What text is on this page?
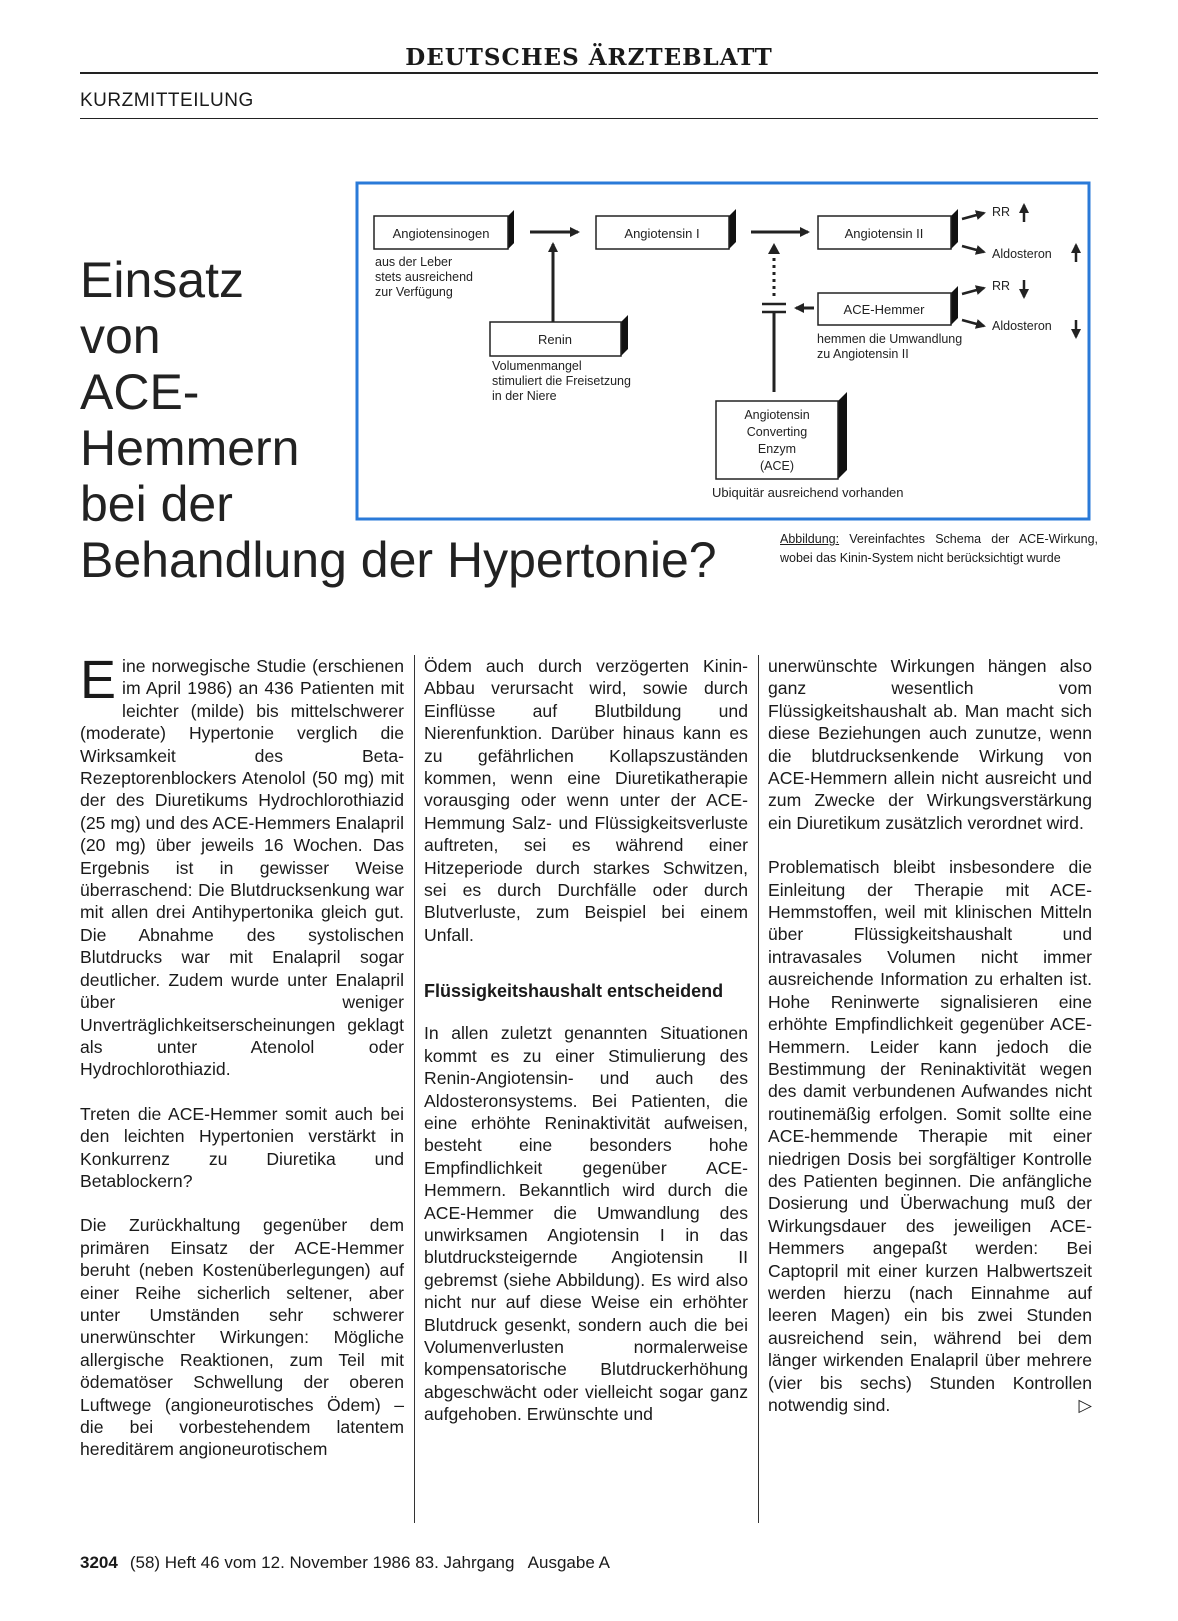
DEUTSCHES ÄRZTEBLATT
KURZMITTEILUNG
Einsatz
von
ACE-
Hemmern
bei der
Behandlung der Hypertonie?
Angiotensinogen	Angiotensin I	Angiotensin II
ACE-Hemmer
Renin
Angiotensin
Converting
Enzym
(ACE)
aus der Leber
stets ausreichend
zur Verfügung
Volumenmangel
stimuliert die Freisetzung
in der Niere
hemmen die Umwandlung
zu Angiotensin II
Ubiquitär ausreichend vorhanden
RR
Aldosteron
RR
Aldosteron
Abbildung: Vereinfachtes Schema der ACE-Wirkung, wobei das Kinin-System nicht berücksichtigt wurde

Eine norwegische Studie (erschienen im April 1986) an 436 Patienten mit leichter (milde) bis mittelschwerer (moderate) Hypertonie verglich die Wirksamkeit des Beta-Rezeptorenblockers Atenolol (50 mg) mit der des Diuretikums Hydrochlorothiazid (25 mg) und des ACE-Hemmers Enalapril (20 mg) über jeweils 16 Wochen. Das Ergebnis ist in gewisser Weise überraschend: Die Blutdrucksenkung war mit allen drei Antihypertonika gleich gut. Die Abnahme des systolischen Blutdrucks war mit Enalapril sogar deutlicher. Zudem wurde unter Enalapril über weniger Unverträglichkeitserscheinungen geklagt als unter Atenolol oder Hydrochlorothiazid.

Treten die ACE-Hemmer somit auch bei den leichten Hypertonien verstärkt in Konkurrenz zu Diuretika und Betablockern?

Die Zurückhaltung gegenüber dem primären Einsatz der ACE-Hemmer beruht (neben Kostenüberlegungen) auf einer Reihe sicherlich seltener, aber unter Umständen sehr schwerer unerwünschter Wirkungen: Mögliche allergische Reaktionen, zum Teil mit ödematöser Schwellung der oberen Luftwege (angioneurotisches Ödem) – die bei vorbestehendem latentem hereditärem angioneurotischem

Ödem auch durch verzögerten Kinin-Abbau verursacht wird, sowie durch Einflüsse auf Blutbildung und Nierenfunktion. Darüber hinaus kann es zu gefährlichen Kollapszuständen kommen, wenn eine Diuretikatherapie vorausging oder wenn unter der ACE-Hemmung Salz- und Flüssigkeitsverluste auftreten, sei es während einer Hitzeperiode durch starkes Schwitzen, sei es durch Durchfälle oder durch Blutverluste, zum Beispiel bei einem Unfall.

Flüssigkeitshaushalt entscheidend

In allen zuletzt genannten Situationen kommt es zu einer Stimulierung des Renin-Angiotensin- und auch des Aldosteronsystems. Bei Patienten, die eine erhöhte Reninaktivität aufweisen, besteht eine besonders hohe Empfindlichkeit gegenüber ACE-Hemmern. Bekanntlich wird durch die ACE-Hemmer die Umwandlung des unwirksamen Angiotensin I in das blutdrucksteigernde Angiotensin II gebremst (siehe Abbildung). Es wird also nicht nur auf diese Weise ein erhöhter Blutdruck gesenkt, sondern auch die bei Volumenverlusten normalerweise kompensatorische Blutdruckerhöhung abgeschwächt oder vielleicht sogar ganz aufgehoben. Erwünschte und

unerwünschte Wirkungen hängen also ganz wesentlich vom Flüssigkeitshaushalt ab. Man macht sich diese Beziehungen auch zunutze, wenn die blutdrucksenkende Wirkung von ACE-Hemmern allein nicht ausreicht und zum Zwecke der Wirkungsverstärkung ein Diuretikum zusätzlich verordnet wird.

Problematisch bleibt insbesondere die Einleitung der Therapie mit ACE-Hemmstoffen, weil mit klinischen Mitteln über Flüssigkeitshaushalt und intravasales Volumen nicht immer ausreichende Information zu erhalten ist. Hohe Reninwerte signalisieren eine erhöhte Empfindlichkeit gegenüber ACE-Hemmern. Leider kann jedoch die Bestimmung der Reninaktivität wegen des damit verbundenen Aufwandes nicht routinemäßig erfolgen. Somit sollte eine ACE-hemmende Therapie mit einer niedrigen Dosis bei sorgfältiger Kontrolle des Patienten beginnen. Die anfängliche Dosierung und Überwachung muß der Wirkungsdauer des jeweiligen ACE-Hemmers angepaßt werden: Bei Captopril mit einer kurzen Halbwertszeit werden hierzu (nach Einnahme auf leeren Magen) ein bis zwei Stunden ausreichend sein, während bei dem länger wirkenden Enalapril über mehrere (vier bis sechs) Stunden Kontrollen notwendig sind.	▷

3204 (58) Heft 46 vom 12. November 1986 83. Jahrgang   Ausgabe A
